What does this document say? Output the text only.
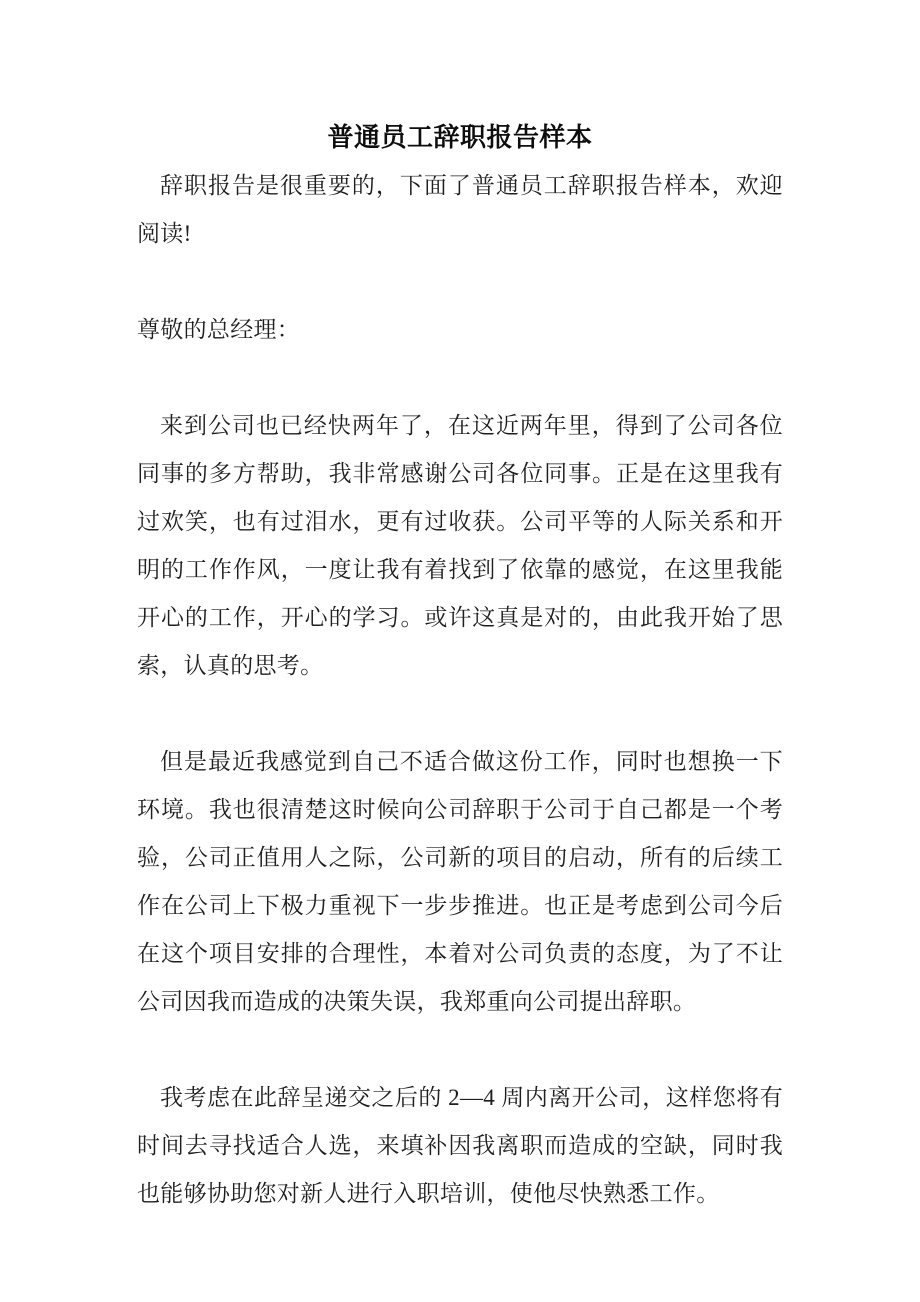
普通员工辞职报告样本

辞职报告是很重要的，下面了普通员工辞职报告样本，欢迎阅读!

尊敬的总经理：

来到公司也已经快两年了，在这近两年里，得到了公司各位同事的多方帮助，我非常感谢公司各位同事。正是在这里我有过欢笑，也有过泪水，更有过收获。公司平等的人际关系和开明的工作作风，一度让我有着找到了依靠的感觉，在这里我能开心的工作，开心的学习。或许这真是对的，由此我开始了思索，认真的思考。

但是最近我感觉到自己不适合做这份工作，同时也想换一下环境。我也很清楚这时候向公司辞职于公司于自己都是一个考验，公司正值用人之际，公司新的项目的启动，所有的后续工作在公司上下极力重视下一步步推进。也正是考虑到公司今后在这个项目安排的合理性，本着对公司负责的态度，为了不让公司因我而造成的决策失误，我郑重向公司提出辞职。

我考虑在此辞呈递交之后的 2—4 周内离开公司，这样您将有时间去寻找适合人选，来填补因我离职而造成的空缺，同时我也能够协助您对新人进行入职培训，使他尽快熟悉工作。
